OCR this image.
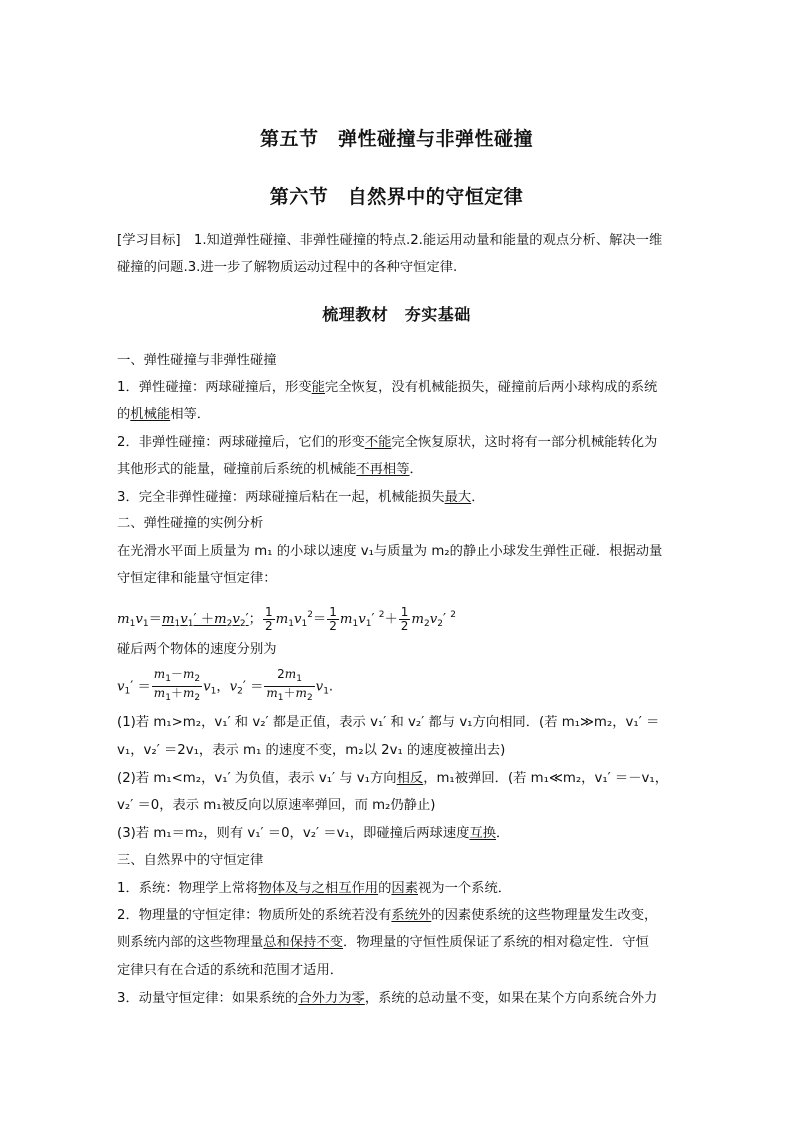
第五节　弹性碰撞与非弹性碰撞
第六节　自然界中的守恒定律
[学习目标]　1.知道弹性碰撞、非弹性碰撞的特点.2.能运用动量和能量的观点分析、解决一维
碰撞的问题.3.进一步了解物质运动过程中的各种守恒定律.
梳理教材　夯实基础
一、弹性碰撞与非弹性碰撞
1．弹性碰撞：两球碰撞后，形变能完全恢复，没有机械能损失，碰撞前后两小球构成的系统
的机械能相等．
2．非弹性碰撞：两球碰撞后，它们的形变不能完全恢复原状，这时将有一部分机械能转化为
其他形式的能量，碰撞前后系统的机械能不再相等．
3．完全非弹性碰撞：两球碰撞后粘在一起，机械能损失最大．
二、弹性碰撞的实例分析
在光滑水平面上质量为 m₁ 的小球以速度 v₁与质量为 m₂的静止小球发生弹性正碰．根据动量
守恒定律和能量守恒定律：
$m_1v_1=m_1v_1' +m_2v_2'$； $\frac{1}{2} m_1v_1^2= \frac{1}{2} m_1v_1'$ $^2+ \frac{1}{2} m_2v_2'$ $^2$
碰后两个物体的速度分别为
$v_1' = \frac{m_1-m_2}{m_1+m_2} v_1$，$v_2' = \frac{2m_1}{m_1+m_2} v_1$.
(1)若 m₁>m₂，v₁′ 和 v₂′ 都是正值，表示 v₁′ 和 v₂′ 都与 v₁方向相同．(若 m₁≫m₂，v₁′ ＝
v₁，v₂′ ＝2v₁，表示 m₁ 的速度不变，m₂以 2v₁ 的速度被撞出去)
(2)若 m₁<m₂，v₁′ 为负值，表示 v₁′ 与 v₁方向相反，m₁被弹回．(若 m₁≪m₂，v₁′ ＝－v₁，
v₂′ ＝0，表示 m₁被反向以原速率弹回，而 m₂仍静止)
(3)若 m₁＝m₂，则有 v₁′ ＝0，v₂′ ＝v₁，即碰撞后两球速度互换．
三、自然界中的守恒定律
1．系统：物理学上常将物体及与之相互作用的因素视为一个系统．
2．物理量的守恒定律：物质所处的系统若没有系统外的因素使系统的这些物理量发生改变，
则系统内部的这些物理量总和保持不变．物理量的守恒性质保证了系统的相对稳定性．守恒
定律只有在合适的系统和范围才适用．
3．动量守恒定律：如果系统的合外力为零，系统的总动量不变，如果在某个方向系统合外力
